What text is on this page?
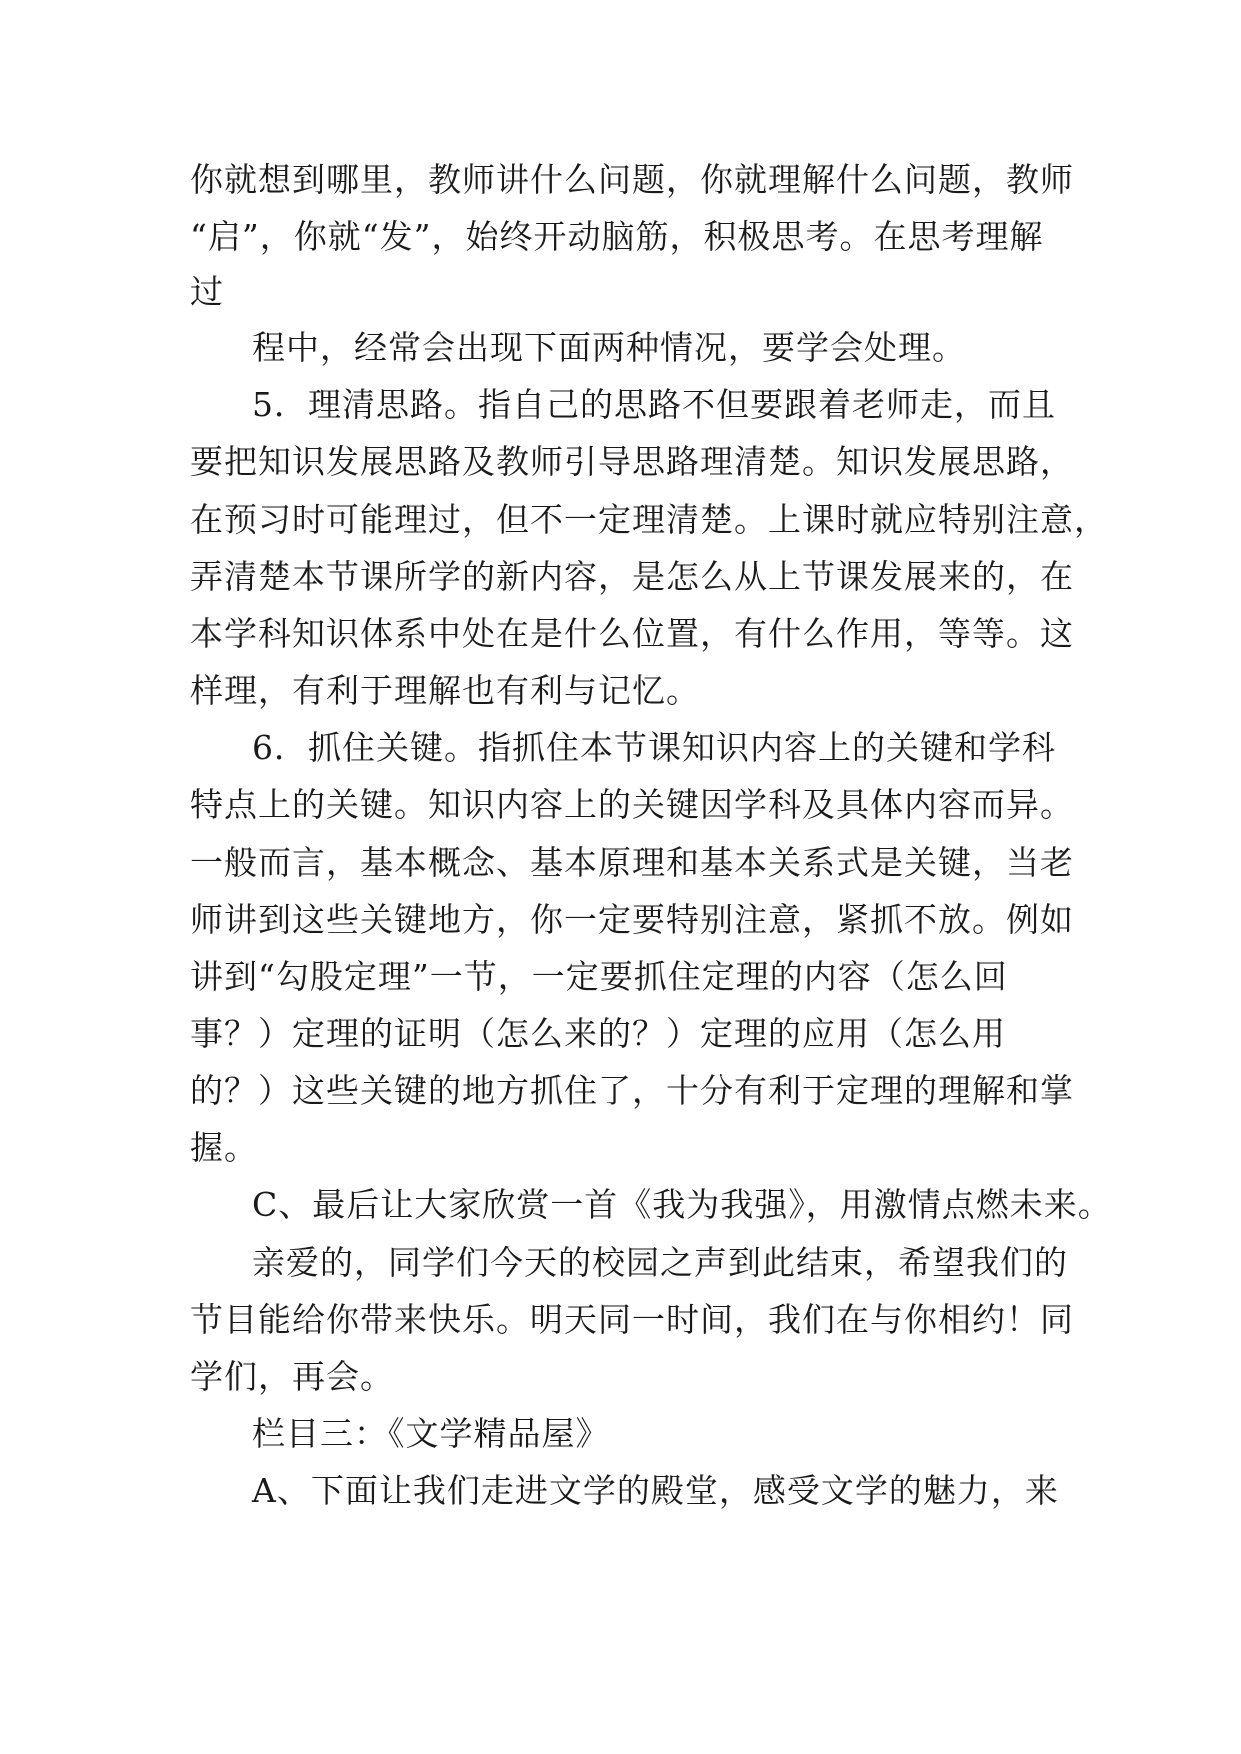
你就想到哪里，教师讲什么问题，你就理解什么问题，教师
“启”，你就“发”，始终开动脑筋，积极思考。在思考理解
过
程中，经常会出现下面两种情况，要学会处理。
5．理清思路。指自己的思路不但要跟着老师走，而且
要把知识发展思路及教师引导思路理清楚。知识发展思路，
在预习时可能理过，但不一定理清楚。上课时就应特别注意，
弄清楚本节课所学的新内容，是怎么从上节课发展来的，在
本学科知识体系中处在是什么位置，有什么作用，等等。这
样理，有利于理解也有利与记忆。
6．抓住关键。指抓住本节课知识内容上的关键和学科
特点上的关键。知识内容上的关键因学科及具体内容而异。
一般而言，基本概念、基本原理和基本关系式是关键，当老
师讲到这些关键地方，你一定要特别注意，紧抓不放。例如
讲到“勾股定理”一节，一定要抓住定理的内容（怎么回
事？）定理的证明（怎么来的？）定理的应用（怎么用
的？）这些关键的地方抓住了，十分有利于定理的理解和掌
握。
C、最后让大家欣赏一首《我为我强》，用激情点燃未来。
亲爱的，同学们今天的校园之声到此结束，希望我们的
节目能给你带来快乐。明天同一时间，我们在与你相约！同
学们，再会。
栏目三：《文学精品屋》
A、下面让我们走进文学的殿堂，感受文学的魅力，来
